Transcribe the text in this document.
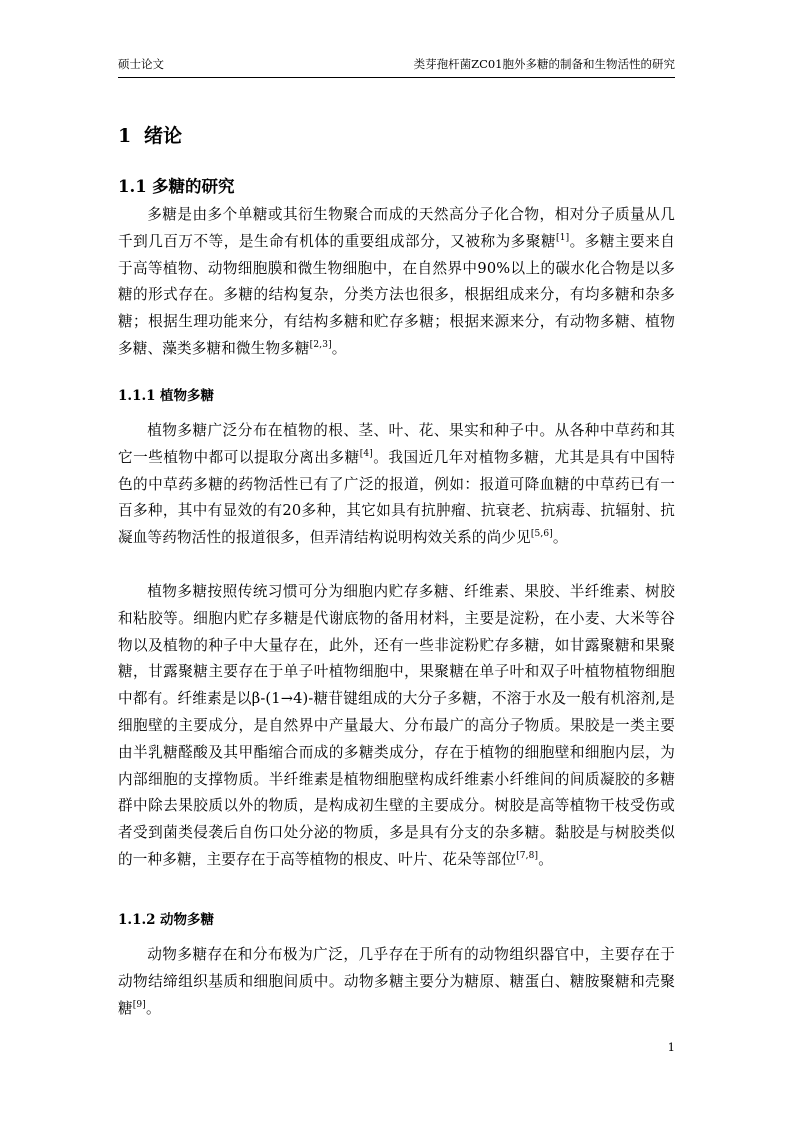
硕士论文	类芽孢杆菌ZC01胞外多糖的制备和生物活性的研究
1 绪论
1.1 多糖的研究

多糖是由多个单糖或其衍生物聚合而成的天然高分子化合物，相对分子质量从几千到几百万不等，是生命有机体的重要组成部分，又被称为多聚糖[1]。多糖主要来自于高等植物、动物细胞膜和微生物细胞中，在自然界中90%以上的碳水化合物是以多糖的形式存在。多糖的结构复杂，分类方法也很多，根据组成来分，有均多糖和杂多糖；根据生理功能来分，有结构多糖和贮存多糖；根据来源来分，有动物多糖、植物多糖、藻类多糖和微生物多糖[2,3]。

1.1.1 植物多糖

植物多糖广泛分布在植物的根、茎、叶、花、果实和种子中。从各种中草药和其它一些植物中都可以提取分离出多糖[4]。我国近几年对植物多糖，尤其是具有中国特色的中草药多糖的药物活性已有了广泛的报道，例如：报道可降血糖的中草药已有一百多种，其中有显效的有20多种，其它如具有抗肿瘤、抗衰老、抗病毒、抗辐射、抗凝血等药物活性的报道很多，但弄清结构说明构效关系的尚少见[5,6]。

植物多糖按照传统习惯可分为细胞内贮存多糖、纤维素、果胶、半纤维素、树胶和粘胶等。细胞内贮存多糖是代谢底物的备用材料，主要是淀粉，在小麦、大米等谷物以及植物的种子中大量存在，此外，还有一些非淀粉贮存多糖，如甘露聚糖和果聚糖，甘露聚糖主要存在于单子叶植物细胞中，果聚糖在单子叶和双子叶植物植物细胞中都有。纤维素是以β-(1→4)-糖苷键组成的大分子多糖，不溶于水及一般有机溶剂,是细胞壁的主要成分，是自然界中产量最大、分布最广的高分子物质。果胶是一类主要由半乳糖醛酸及其甲酯缩合而成的多糖类成分，存在于植物的细胞壁和细胞内层，为内部细胞的支撑物质。半纤维素是植物细胞壁构成纤维素小纤维间的间质凝胶的多糖群中除去果胶质以外的物质，是构成初生壁的主要成分。树胶是高等植物干枝受伤或者受到菌类侵袭后自伤口处分泌的物质，多是具有分支的杂多糖。黏胶是与树胶类似的一种多糖，主要存在于高等植物的根皮、叶片、花朵等部位[7,8]。

1.1.2 动物多糖

动物多糖存在和分布极为广泛，几乎存在于所有的动物组织器官中，主要存在于动物结缔组织基质和细胞间质中。动物多糖主要分为糖原、糖蛋白、糖胺聚糖和壳聚糖[9]。

1
